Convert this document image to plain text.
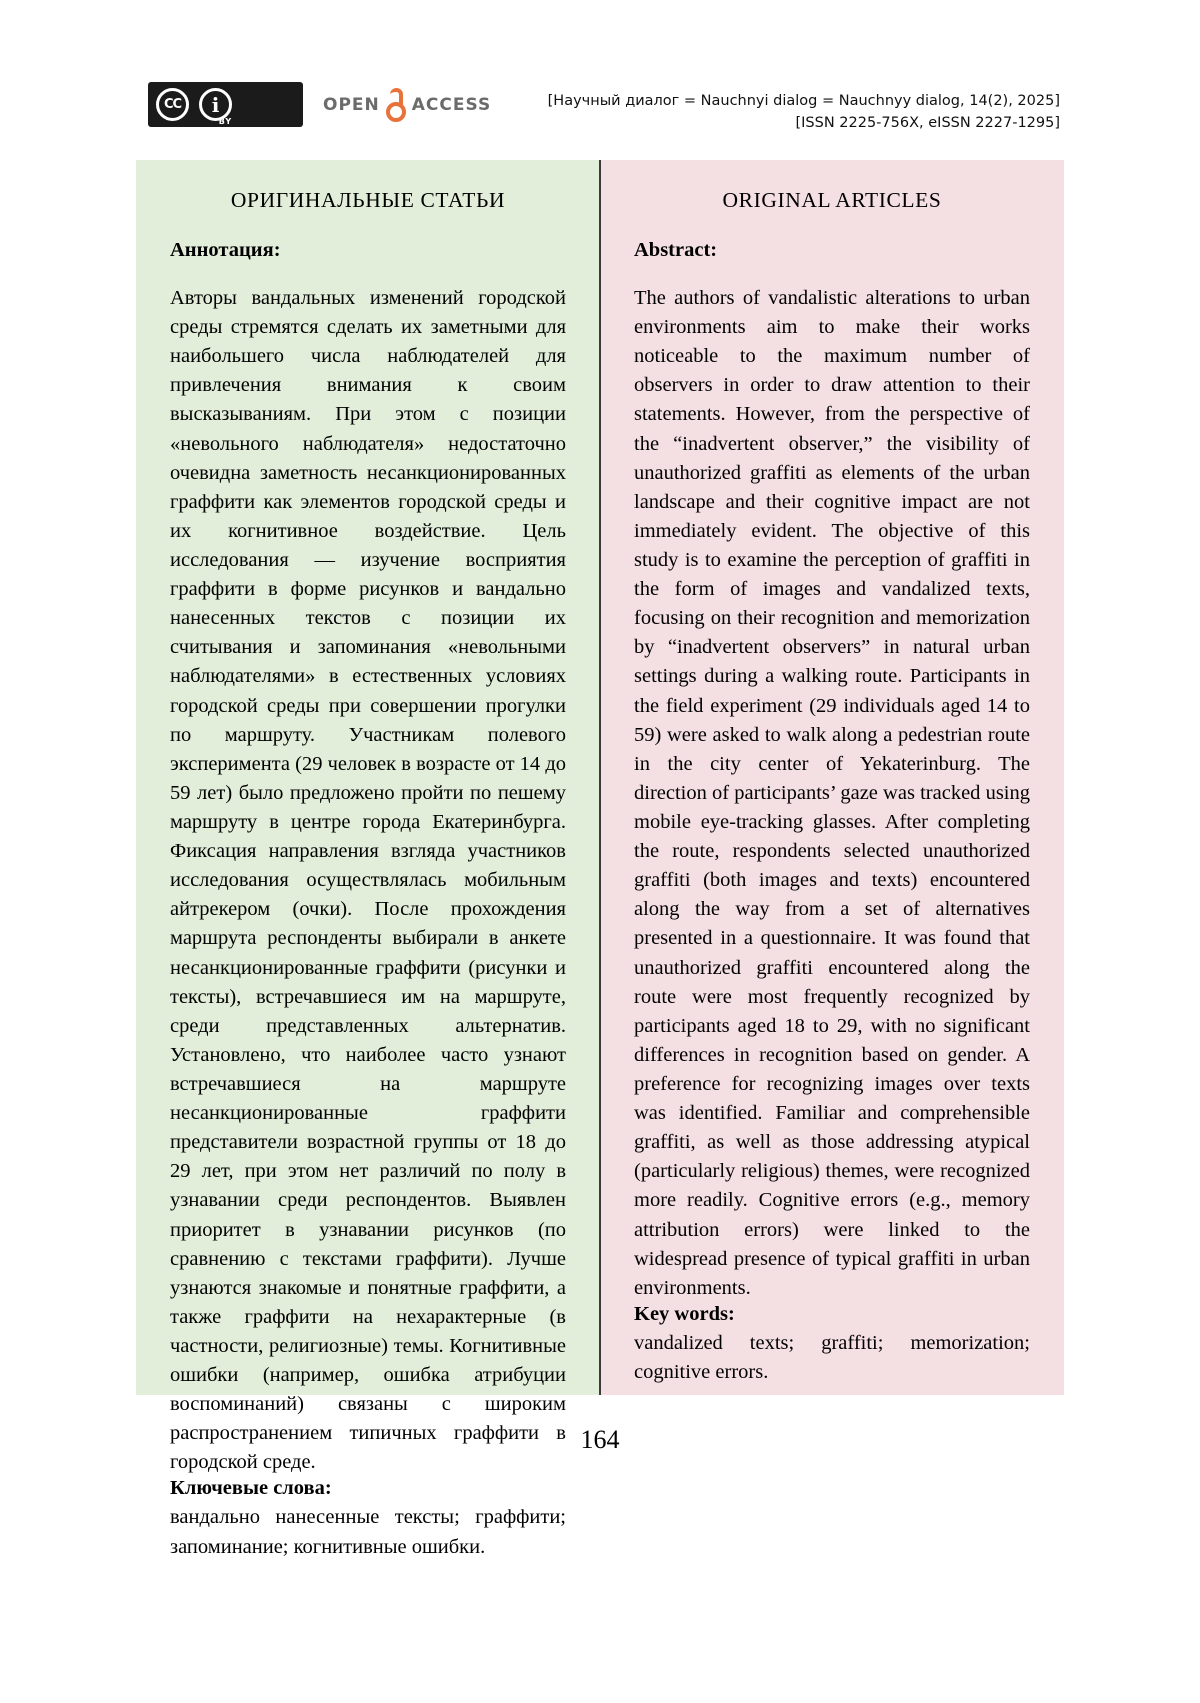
CC	i
BY
OPEN ACCESS	[Научный диалог = Nauchnyi dialog = Nauchnyy dialog, 14(2), 2025]
[ISSN 2225-756X, eISSN 2227-1295]
ОРИГИНАЛЬНЫЕ СТАТЬИ
Аннотация:
Авторы вандальных изменений городской среды стремятся сделать их заметными для наибольшего числа наблюдателей для привлечения внимания к своим высказываниям. При этом с позиции «невольного наблюдателя» недостаточно очевидна заметность несанкционированных граффити как элементов городской среды и их когнитивное воздействие. Цель исследования — изучение восприятия граффити в форме рисунков и вандально нанесенных текстов с позиции их считывания и запоминания «невольными наблюдателями» в естественных условиях городской среды при совершении прогулки по маршруту. Участникам полевого эксперимента (29 человек в возрасте от 14 до 59 лет) было предложено пройти по пешему маршруту в центре города Екатеринбурга. Фиксация направления взгляда участников исследования осуществлялась мобильным айтрекером (очки). После прохождения маршрута респонденты выбирали в анкете несанкционированные граффити (рисунки и тексты), встречавшиеся им на маршруте, среди представленных альтернатив. Установлено, что наиболее часто узнают встречавшиеся на маршруте несанкционированные граффити представители возрастной группы от 18 до 29 лет, при этом нет различий по полу в узнавании среди респондентов. Выявлен приоритет в узнавании рисунков (по сравнению с текстами граффити). Лучше узнаются знакомые и понятные граффити, а также граффити на нехарактерные (в частности, религиозные) темы. Когнитивные ошибки (например, ошибка атрибуции воспоминаний) связаны с широким распространением типичных граффити в городской среде.
Ключевые слова:
вандально нанесенные тексты; граффити; запоминание; когнитивные ошибки.
ORIGINAL ARTICLES
Abstract:
The authors of vandalistic alterations to urban environments aim to make their works noticeable to the maximum number of observers in order to draw attention to their statements. However, from the perspective of the “inadvertent observer,” the visibility of unauthorized graffiti as elements of the urban landscape and their cognitive impact are not immediately evident. The objective of this study is to examine the perception of graffiti in the form of images and vandalized texts, focusing on their recognition and memorization by “inadvertent observers” in natural urban settings during a walking route. Participants in the field experiment (29 individuals aged 14 to 59) were asked to walk along a pedestrian route in the city center of Yekaterinburg. The direction of participants’ gaze was tracked using mobile eye-tracking glasses. After completing the route, respondents selected unauthorized graffiti (both images and texts) encountered along the way from a set of alternatives presented in a questionnaire. It was found that unauthorized graffiti encountered along the route were most frequently recognized by participants aged 18 to 29, with no significant differences in recognition based on gender. A preference for recognizing images over texts was identified. Familiar and comprehensible graffiti, as well as those addressing atypical (particularly religious) themes, were recognized more readily. Cognitive errors (e.g., memory attribution errors) were linked to the widespread presence of typical graffiti in urban environments.
Key words:
vandalized texts; graffiti; memorization; cognitive errors.
164
